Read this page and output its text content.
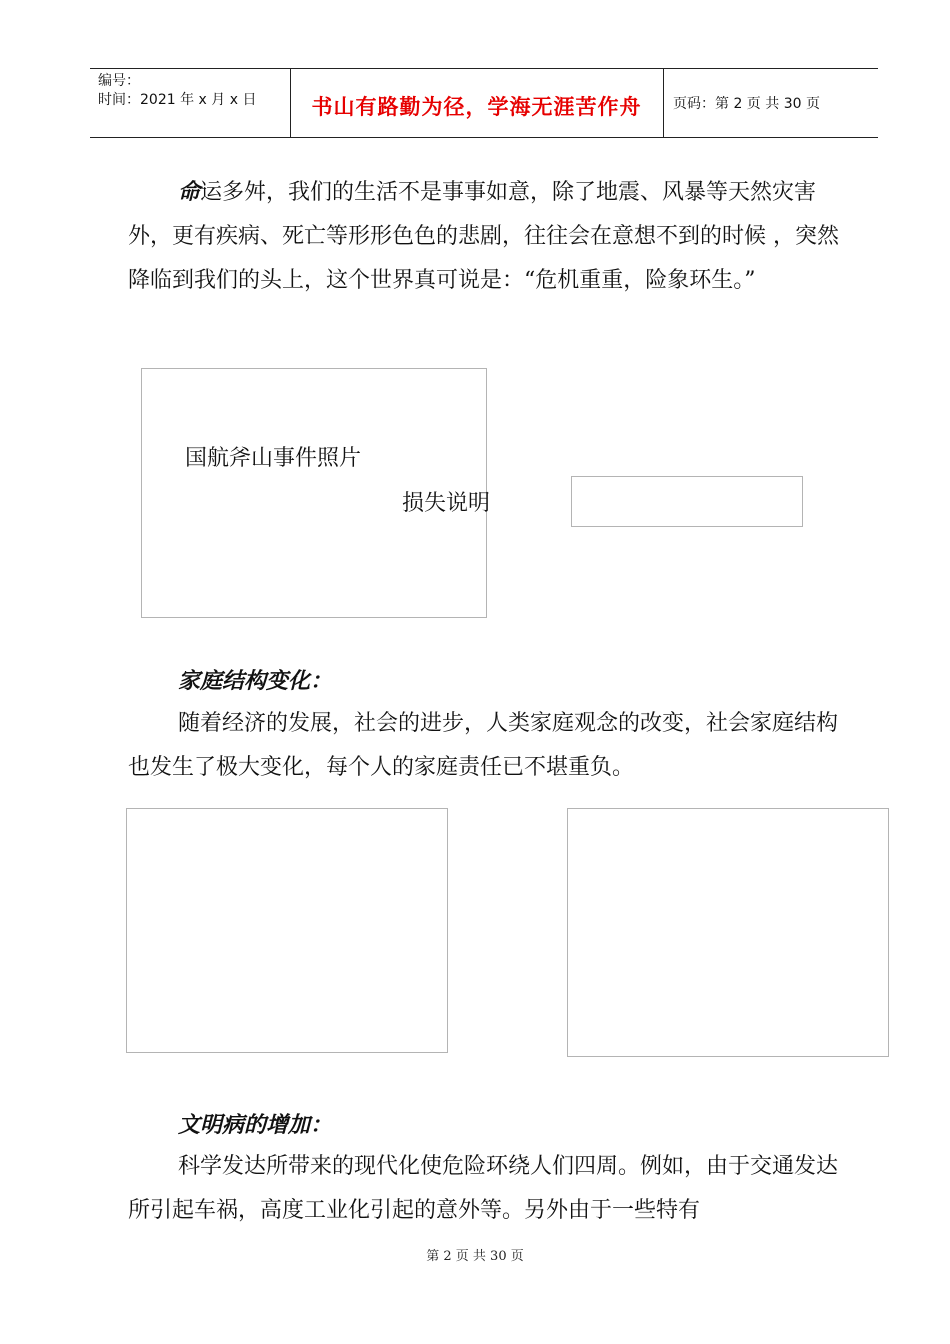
编号：
时间：2021 年 x 月 x 日	书山有路勤为径，学海无涯苦作舟	页码：第 2 页 共 30 页

命运多舛，我们的生活不是事事如意，除了地震、风暴等天然灾害外，更有疾病、死亡等形形色色的悲剧，往往会在意想不到的时候 ，突然降临到我们的头上，这个世界真可说是：“危机重重，险象环生。”

国航斧山事件照片

损失说明

家庭结构变化：

随着经济的发展，社会的进步，人类家庭观念的改变，社会家庭结构也发生了极大变化，每个人的家庭责任已不堪重负。

文明病的增加：

科学发达所带来的现代化使危险环绕人们四周。例如，由于交通发达所引起车祸，高度工业化引起的意外等。另外由于一些特有

第 2 页 共 30 页
